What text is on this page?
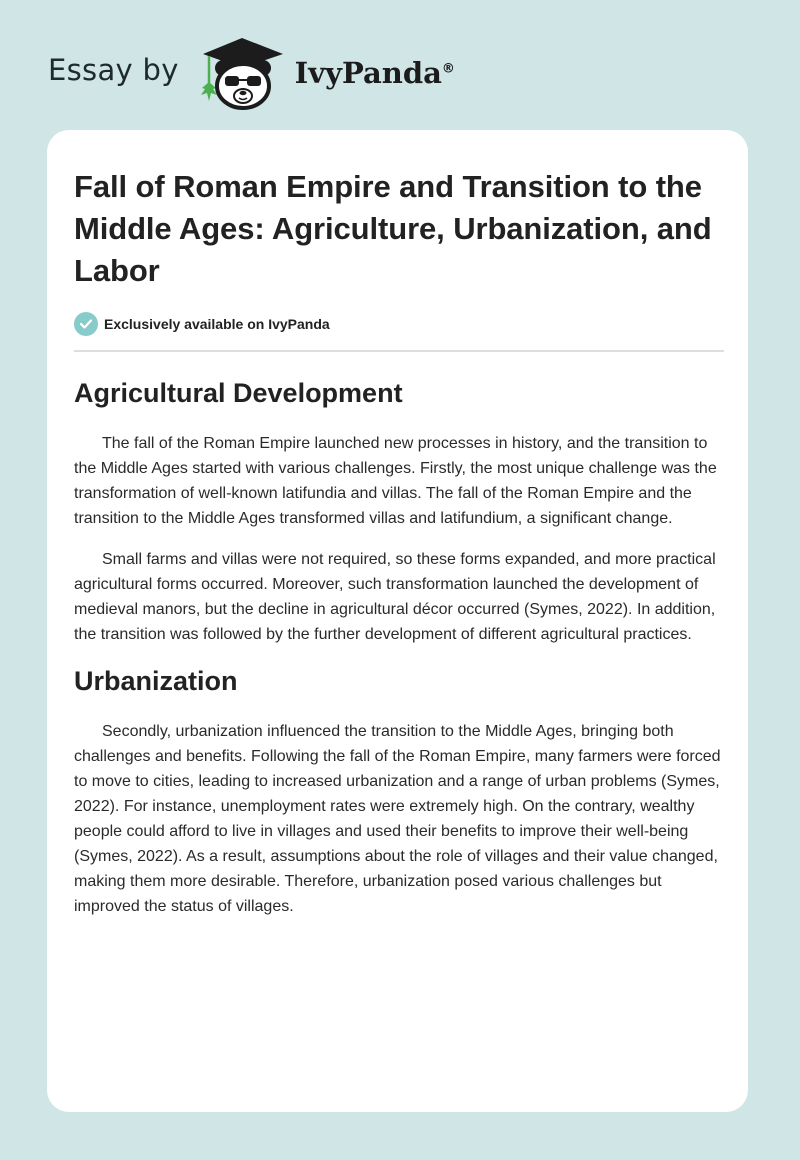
Essay by	IvyPanda®
Fall of Roman Empire and Transition to the Middle Ages: Agriculture, Urbanization, and Labor
Exclusively available on IvyPanda
Agricultural Development

The fall of the Roman Empire launched new processes in history, and the transition to the Middle Ages started with various challenges. Firstly, the most unique challenge was the transformation of well-known latifundia and villas. The fall of the Roman Empire and the transition to the Middle Ages transformed villas and latifundium, a significant change.

Small farms and villas were not required, so these forms expanded, and more practical agricultural forms occurred. Moreover, such transformation launched the development of medieval manors, but the decline in agricultural décor occurred (Symes, 2022). In addition, the transition was followed by the further development of different agricultural practices.

Urbanization

Secondly, urbanization influenced the transition to the Middle Ages, bringing both challenges and benefits. Following the fall of the Roman Empire, many farmers were forced to move to cities, leading to increased urbanization and a range of urban problems (Symes, 2022). For instance, unemployment rates were extremely high. On the contrary, wealthy people could afford to live in villages and used their benefits to improve their well-being (Symes, 2022). As a result, assumptions about the role of villages and their value changed, making them more desirable. Therefore, urbanization posed various challenges but improved the status of villages.
